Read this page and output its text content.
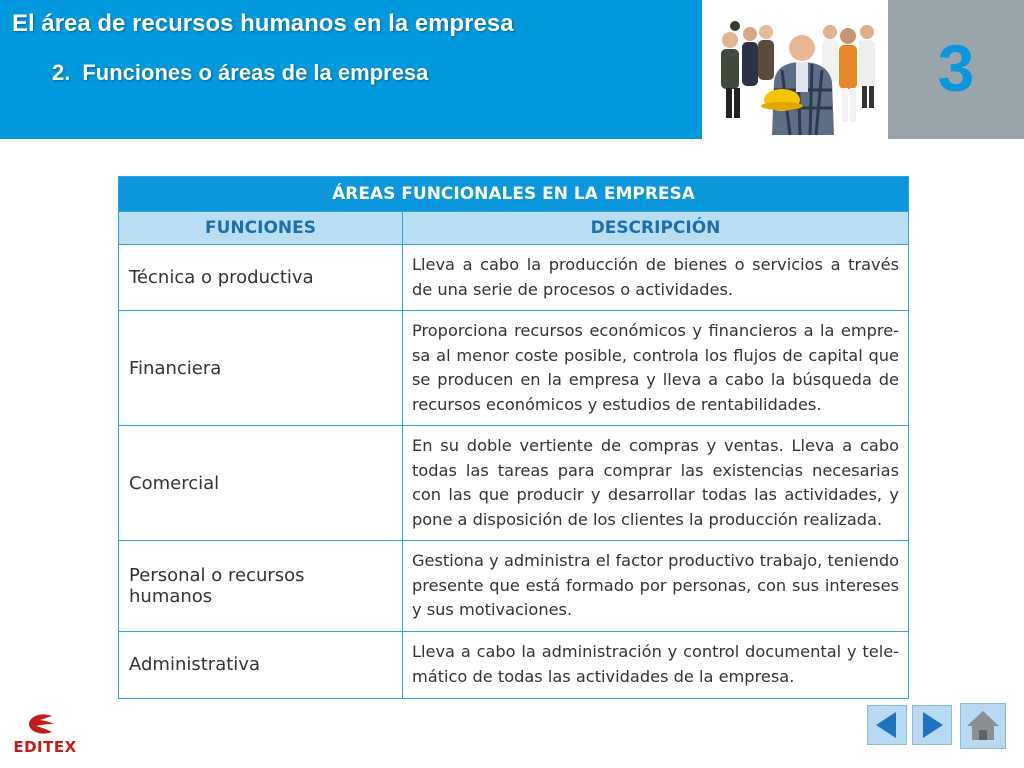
El área de recursos humanos en la empresa
2. Funciones o áreas de la empresa	3
ÁREAS FUNCIONALES EN LA EMPRESA	
FUNCIONES	DESCRIPCIÓN
Técnica o productiva	Lleva a cabo la producción de bienes o servicios a través de una serie de procesos o actividades.
Financiera	Proporciona recursos económicos y financieros a la empre-sa al menor coste posible, controla los flujos de capital que se producen en la empresa y lleva a cabo la búsqueda de recursos económicos y estudios de rentabilidades.
Comercial	En su doble vertiente de compras y ventas. Lleva a cabo todas las tareas para comprar las existencias necesarias con las que producir y desarrollar todas las actividades, y pone a disposición de los clientes la producción realizada.
Personal o recursos humanos	Gestiona y administra el factor productivo trabajo, teniendo presente que está formado por personas, con sus intereses y sus motivaciones.
Administrativa	Lleva a cabo la administración y control documental y tele-mático de todas las actividades de la empresa.
EDITEX
